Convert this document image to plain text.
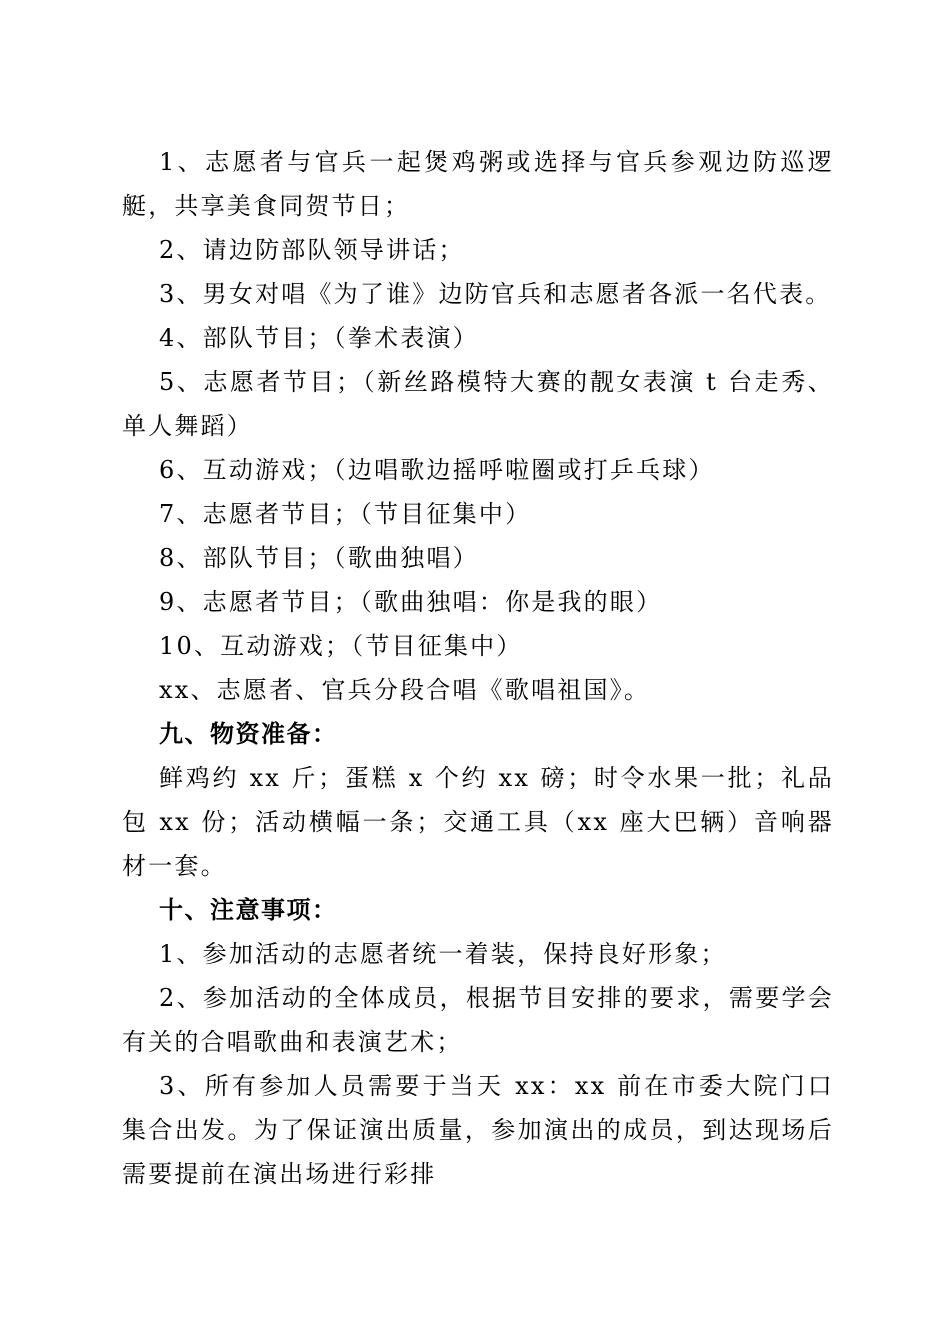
1、志愿者与官兵一起煲鸡粥或选择与官兵参观边防巡逻艇，共享美食同贺节日；

2、请边防部队领导讲话；

3、男女对唱《为了谁》边防官兵和志愿者各派一名代表。

4、部队节目；（拳术表演）

5、志愿者节目；（新丝路模特大赛的靓女表演 t 台走秀、单人舞蹈）

6、互动游戏；（边唱歌边摇呼啦圈或打乒乓球）

7、志愿者节目；（节目征集中）

8、部队节目；（歌曲独唱）

9、志愿者节目；（歌曲独唱：你是我的眼）

10、互动游戏；（节目征集中）

xx、志愿者、官兵分段合唱《歌唱祖国》。

九、物资准备：

鲜鸡约 xx 斤；蛋糕 x 个约 xx 磅；时令水果一批；礼品包 xx 份；活动横幅一条；交通工具（xx 座大巴辆）音响器材一套。

十、注意事项：

1、参加活动的志愿者统一着装，保持良好形象；

2、参加活动的全体成员，根据节目安排的要求，需要学会有关的合唱歌曲和表演艺术；

3、所有参加人员需要于当天 xx：xx 前在市委大院门口集合出发。为了保证演出质量，参加演出的成员，到达现场后需要提前在演出场进行彩排
